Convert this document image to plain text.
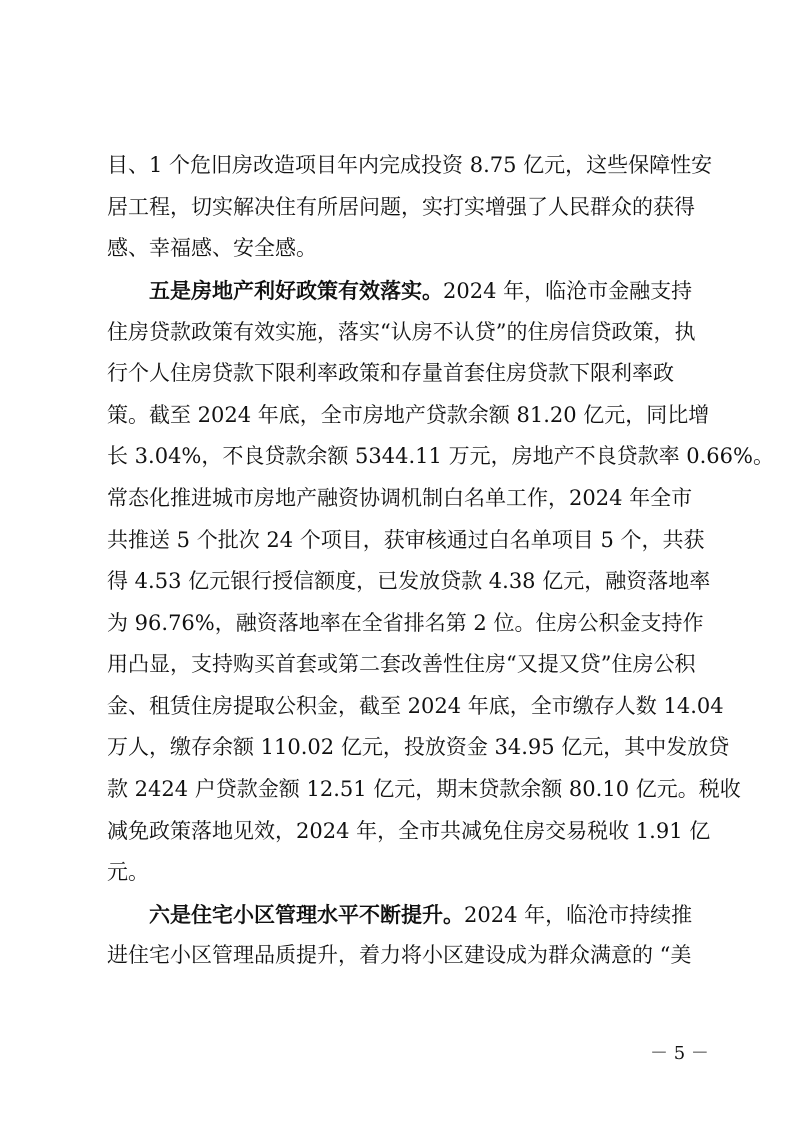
目、1 个危旧房改造项目年内完成投资 8.75 亿元，这些保障性安
居工程，切实解决住有所居问题，实打实增强了人民群众的获得
感、幸福感、安全感。
五是房地产利好政策有效落实。2024 年，临沧市金融支持
住房贷款政策有效实施，落实“认房不认贷”的住房信贷政策，执
行个人住房贷款下限利率政策和存量首套住房贷款下限利率政
策。截至 2024 年底，全市房地产贷款余额 81.20 亿元，同比增
长 3.04%，不良贷款余额 5344.11 万元，房地产不良贷款率 0.66%。
常态化推进城市房地产融资协调机制白名单工作，2024 年全市
共推送 5 个批次 24 个项目，获审核通过白名单项目 5 个，共获
得 4.53 亿元银行授信额度，已发放贷款 4.38 亿元，融资落地率
为 96.76%，融资落地率在全省排名第 2 位。住房公积金支持作
用凸显，支持购买首套或第二套改善性住房“又提又贷”住房公积
金、租赁住房提取公积金，截至 2024 年底，全市缴存人数 14.04
万人，缴存余额 110.02 亿元，投放资金 34.95 亿元，其中发放贷
款 2424 户贷款金额 12.51 亿元，期末贷款余额 80.10 亿元。税收
减免政策落地见效，2024 年，全市共减免住房交易税收 1.91 亿
元。
六是住宅小区管理水平不断提升。2024 年，临沧市持续推
进住宅小区管理品质提升，着力将小区建设成为群众满意的 “美
－ 5 －
